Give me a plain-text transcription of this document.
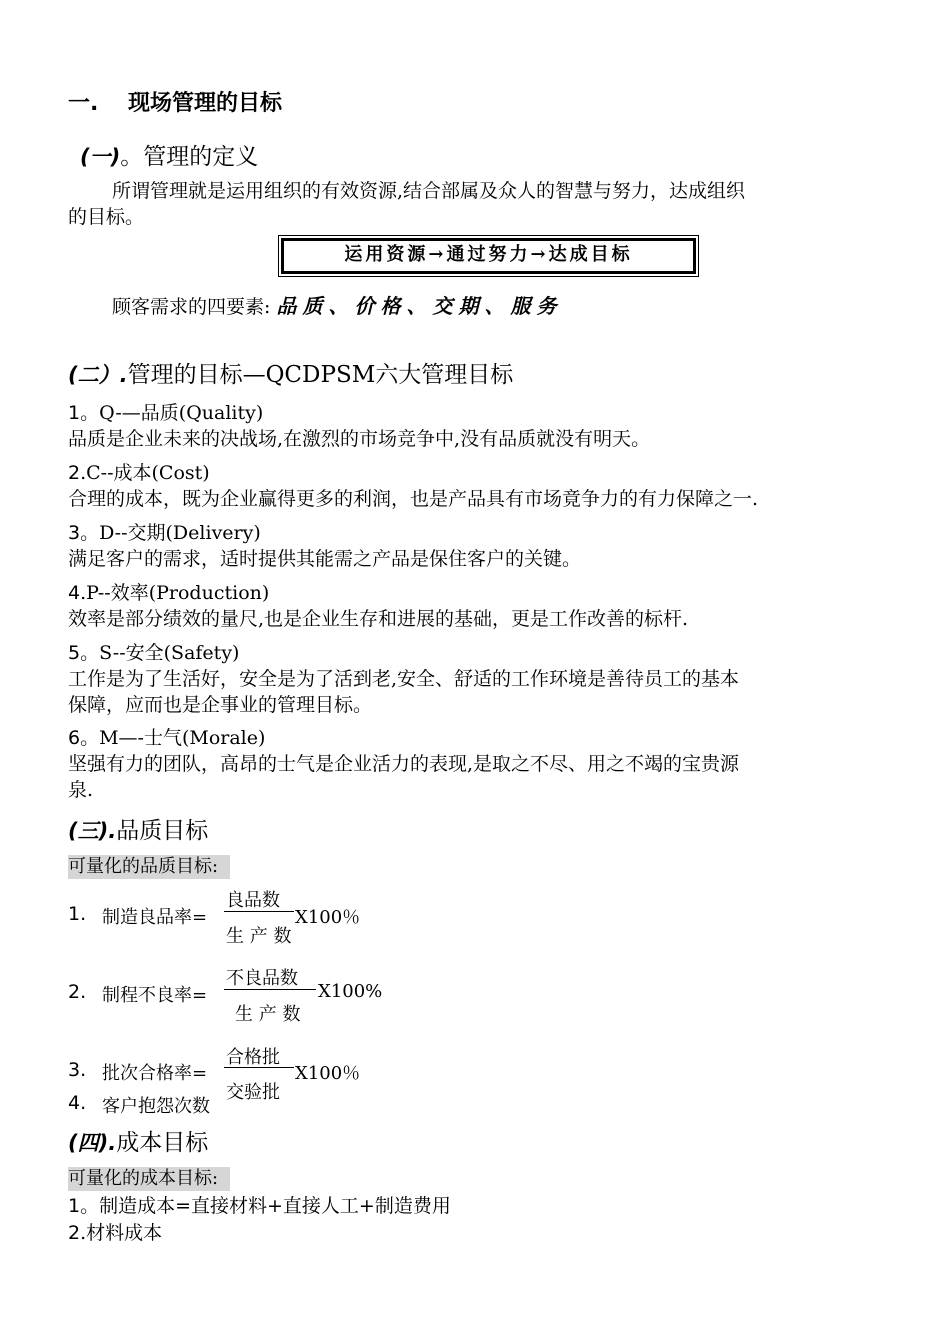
一. 现场管理的目标
(一)。管理的定义
所谓管理就是运用组织的有效资源,结合部属及众人的智慧与努力，达成组织
的目标。
运用资源→通过努力→达成目标
顾客需求的四要素: 品质、价格、交期、服务
(二）.管理的目标—QCDPSM六大管理目标
1。Q-—品质(Quality)
品质是企业未来的决战场,在激烈的市场竞争中,没有品质就没有明天。
2.C--成本(Cost)
合理的成本，既为企业赢得更多的利润，也是产品具有市场竟争力的有力保障之一.
3。D--交期(Delivery)
满足客户的需求，适时提供其能需之产品是保住客户的关键。
4.P--效率(Production)
效率是部分绩效的量尺,也是企业生存和进展的基础，更是工作改善的标杆.
5。S--安全(Safety)
工作是为了生活好，安全是为了活到老,安全、舒适的工作环境是善待员工的基本
保障，应而也是企事业的管理目标。
6。M—-士气(Morale)
坚强有力的团队，高昂的士气是企业活力的表现,是取之不尽、用之不竭的宝贵源
泉.
(三).品质目标
可量化的品质目标:
1. 制造良品率=
良品数
生 产 数
X100％
2. 制程不良率=
不良品数
生 产 数
X100%
3. 批次合格率=
合格批
X100％
4. 客户抱怨次数
交验批
(四).成本目标
可量化的成本目标:
1。制造成本=直接材料+直接人工+制造费用
2.材料成本
